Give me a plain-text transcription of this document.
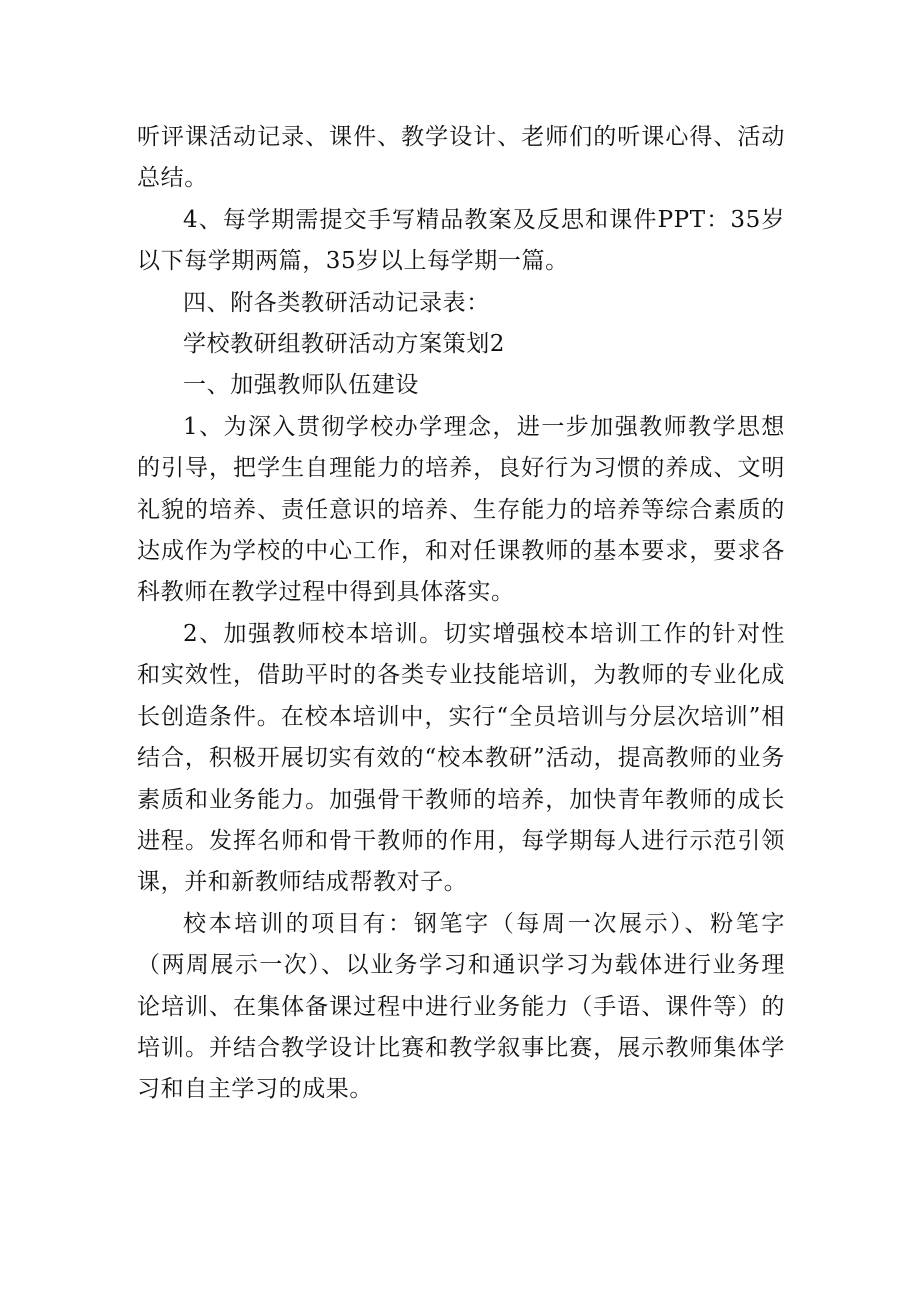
听评课活动记录、课件、教学设计、老师们的听课心得、活动总结。

4、每学期需提交手写精品教案及反思和课件PPT：35岁以下每学期两篇，35岁以上每学期一篇。

四、附各类教研活动记录表：

学校教研组教研活动方案策划2

一、加强教师队伍建设

1、为深入贯彻学校办学理念，进一步加强教师教学思想的引导，把学生自理能力的培养，良好行为习惯的养成、文明礼貌的培养、责任意识的培养、生存能力的培养等综合素质的达成作为学校的中心工作，和对任课教师的基本要求，要求各科教师在教学过程中得到具体落实。

2、加强教师校本培训。切实增强校本培训工作的针对性和实效性，借助平时的各类专业技能培训，为教师的专业化成长创造条件。在校本培训中，实行“全员培训与分层次培训”相结合，积极开展切实有效的“校本教研”活动，提高教师的业务素质和业务能力。加强骨干教师的培养，加快青年教师的成长进程。发挥名师和骨干教师的作用，每学期每人进行示范引领课，并和新教师结成帮教对子。

校本培训的项目有：钢笔字（每周一次展示）、粉笔字（两周展示一次）、以业务学习和通识学习为载体进行业务理论培训、在集体备课过程中进行业务能力（手语、课件等）的培训。并结合教学设计比赛和教学叙事比赛，展示教师集体学习和自主学习的成果。
